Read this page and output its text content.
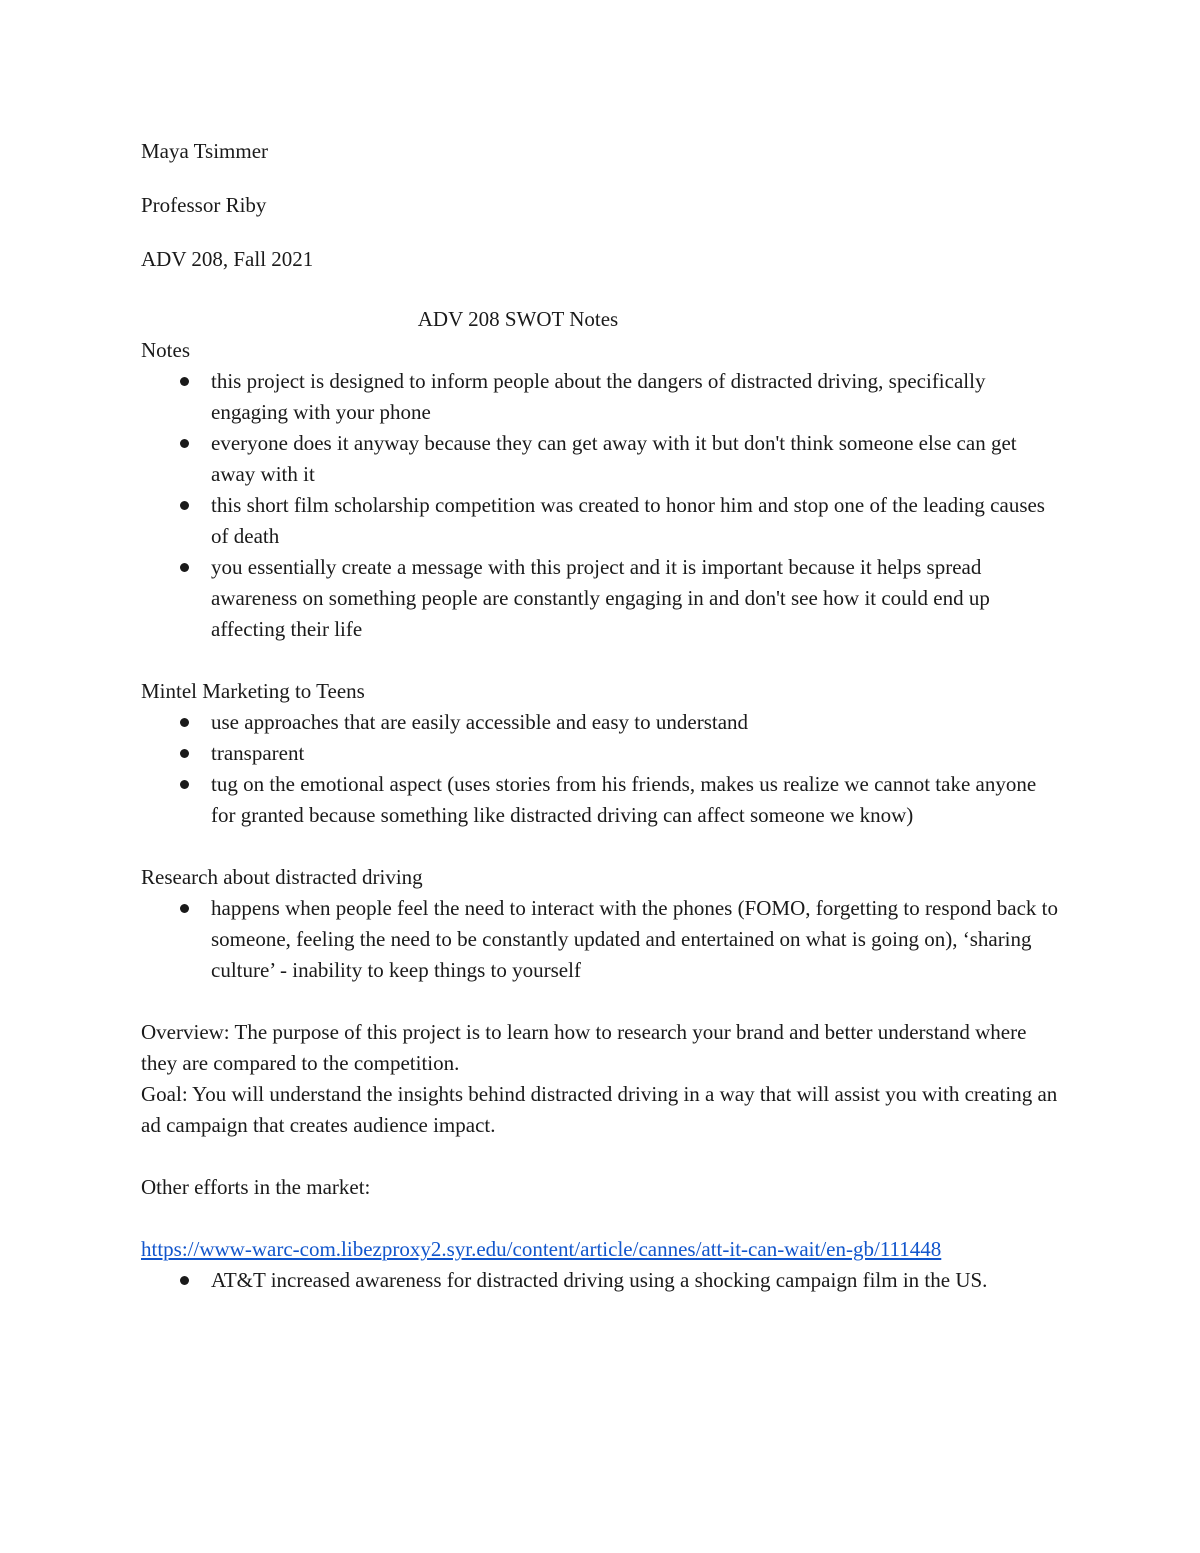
Maya Tsimmer

Professor Riby

ADV 208, Fall 2021

ADV 208 SWOT Notes

Notes

this project is designed to inform people about the dangers of distracted driving, specifically engaging with your phone
everyone does it anyway because they can get away with it but don't think someone else can get away with it
this short film scholarship competition was created to honor him and stop one of the leading causes of death
you essentially create a message with this project and it is important because it helps spread awareness on something people are constantly engaging in and don't see how it could end up affecting their life

Mintel Marketing to Teens

use approaches that are easily accessible and easy to understand
transparent
tug on the emotional aspect (uses stories from his friends, makes us realize we cannot take anyone for granted because something like distracted driving can affect someone we know)

Research about distracted driving

happens when people feel the need to interact with the phones (FOMO, forgetting to respond back to someone, feeling the need to be constantly updated and entertained on what is going on), ‘sharing culture’ - inability to keep things to yourself

Overview: The purpose of this project is to learn how to research your brand and better understand where they are compared to the competition.

Goal: You will understand the insights behind distracted driving in a way that will assist you with creating an ad campaign that creates audience impact.

Other efforts in the market:

https://www-warc-com.libezproxy2.syr.edu/content/article/cannes/att-it-can-wait/en-gb/111448

AT&T increased awareness for distracted driving using a shocking campaign film in the US.
